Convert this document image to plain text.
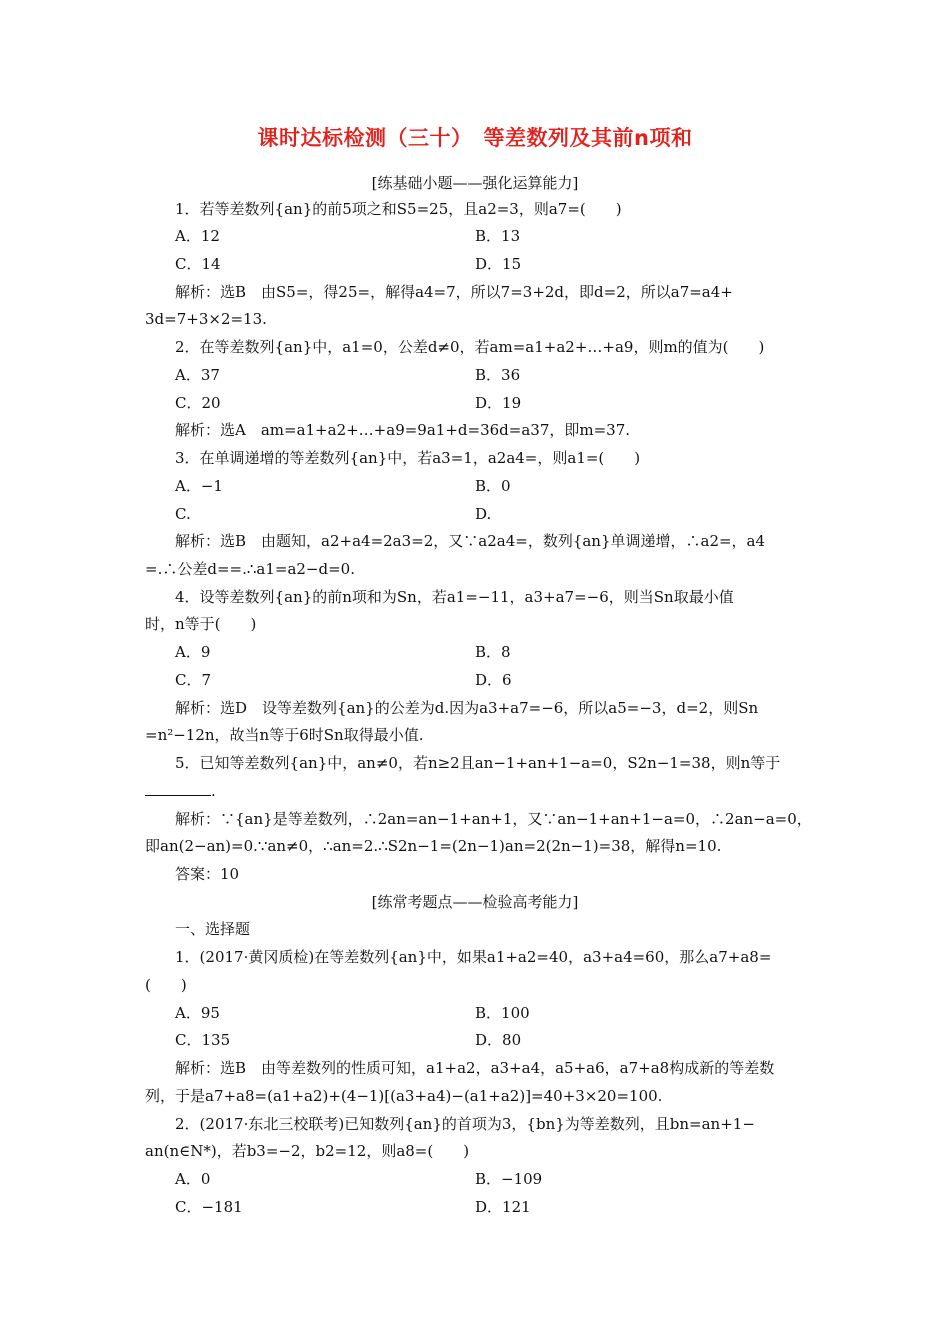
课时达标检测（三十）　等差数列及其前n项和
[练基础小题——强化运算能力]
1．若等差数列{an}的前5项之和S5=25，且a2=3，则a7=(　　)
A．12	B．13
C．14	D．15
解析：选B　由S5=，得25=，解得a4=7，所以7=3+2d，即d=2，所以a7=a4+
3d=7+3×2=13.
2．在等差数列{an}中，a1=0，公差d≠0，若am=a1+a2+…+a9，则m的值为(　　)
A．37	B．36
C．20	D．19
解析：选A　am=a1+a2+…+a9=9a1+d=36d=a37，即m=37.
3．在单调递增的等差数列{an}中，若a3=1，a2a4=，则a1=(　　)
A．−1	B．0
C.	D.
解析：选B　由题知，a2+a4=2a3=2，又∵a2a4=，数列{an}单调递增，∴a2=，a4
=.∴公差d==.∴a1=a2−d=0.
4．设等差数列{an}的前n项和为Sn，若a1=−11，a3+a7=−6，则当Sn取最小值
时，n等于(　　)
A．9	B．8
C．7	D．6
解析：选D　设等差数列{an}的公差为d.因为a3+a7=−6，所以a5=−3，d=2，则Sn
=n²−12n，故当n等于6时Sn取得最小值.
5．已知等差数列{an}中，an≠0，若n≥2且an−1+an+1−a=0，S2n−1=38，则n等于
.
解析：∵{an}是等差数列，∴2an=an−1+an+1，又∵an−1+an+1−a=0，∴2an−a=0，
即an(2−an)=0.∵an≠0，∴an=2.∴S2n−1=(2n−1)an=2(2n−1)=38，解得n=10.
答案：10
[练常考题点——检验高考能力]
一、选择题
1．(2017·黄冈质检)在等差数列{an}中，如果a1+a2=40，a3+a4=60，那么a7+a8=
(　　)
A．95	B．100
C．135	D．80
解析：选B　由等差数列的性质可知，a1+a2，a3+a4，a5+a6，a7+a8构成新的等差数
列，于是a7+a8=(a1+a2)+(4−1)[(a3+a4)−(a1+a2)]=40+3×20=100.
2．(2017·东北三校联考)已知数列{an}的首项为3，{bn}为等差数列，且bn=an+1−
an(n∈N*)，若b3=−2，b2=12，则a8=(　　)
A．0	B．−109
C．−181	D．121
